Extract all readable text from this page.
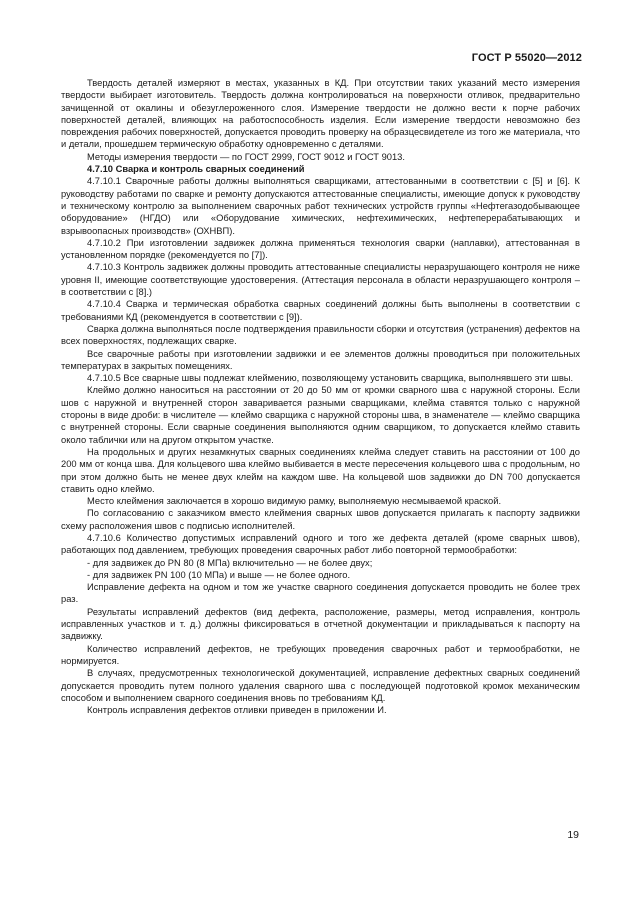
ГОСТ Р 55020—2012

Твердость деталей измеряют в местах, указанных в КД. При отсутствии таких указаний место измерения твердости выбирает изготовитель. Твердость должна контролироваться на поверхности отливок, предварительно зачищенной от окалины и обезуглероженного слоя. Измерение твердости не должно вести к порче рабочих поверхностей деталей, влияющих на работоспособность изделия. Если измерение твердости невозможно без повреждения рабочих поверхностей, допускается проводить проверку на образцесвидетеле из того же материала, что и детали, прошедшем термическую обработку одновременно с деталями.

Методы измерения твердости — по ГОСТ 2999, ГОСТ 9012 и ГОСТ 9013.

4.7.10 Сварка и контроль сварных соединений

4.7.10.1 Сварочные работы должны выполняться сварщиками, аттестованными в соответствии с [5] и [6]. К руководству работами по сварке и ремонту допускаются аттестованные специалисты, имеющие допуск к руководству и техническому контролю за выполнением сварочных работ технических устройств группы «Нефтегазодобывающее оборудование» (НГДО) или «Оборудование химических, нефтехимических, нефтеперерабатывающих и взрывоопасных производств» (ОХНВП).

4.7.10.2 При изготовлении задвижек должна применяться технология сварки (наплавки), аттестованная в установленном порядке (рекомендуется по [7]).

4.7.10.3 Контроль задвижек должны проводить аттестованные специалисты неразрушающего контроля не ниже уровня II, имеющие соответствующие удостоверения. (Аттестация персонала в области неразрушающего контроля – в соответствии с [8].)

4.7.10.4 Сварка и термическая обработка сварных соединений должны быть выполнены в соответствии с требованиями КД (рекомендуется в соответствии с [9]).

Сварка должна выполняться после подтверждения правильности сборки и отсутствия (устранения) дефектов на всех поверхностях, подлежащих сварке.

Все сварочные работы при изготовлении задвижки и ее элементов должны проводиться при положительных температурах в закрытых помещениях.

4.7.10.5 Все сварные швы подлежат клеймению, позволяющему установить сварщика, выполнявшего эти швы.

Клеймо должно наноситься на расстоянии от 20 до 50 мм от кромки сварного шва с наружной стороны. Если шов с наружной и внутренней сторон заваривается разными сварщиками, клейма ставятся только с наружной стороны в виде дроби: в числителе — клеймо сварщика с наружной стороны шва, в знаменателе — клеймо сварщика с внутренней стороны. Если сварные соединения выполняются одним сварщиком, то допускается клеймо ставить около таблички или на другом открытом участке.

На продольных и других незамкнутых сварных соединениях клейма следует ставить на расстоянии от 100 до 200 мм от конца шва. Для кольцевого шва клеймо выбивается в месте пересечения кольцевого шва с продольным, но при этом должно быть не менее двух клейм на каждом шве. На кольцевой шов задвижки до DN 700 допускается ставить одно клеймо.

Место клеймения заключается в хорошо видимую рамку, выполняемую несмываемой краской.

По согласованию с заказчиком вместо клеймения сварных швов допускается прилагать к паспорту задвижки схему расположения швов с подписью исполнителей.

4.7.10.6 Количество допустимых исправлений одного и того же дефекта деталей (кроме сварных швов), работающих под давлением, требующих проведения сварочных работ либо повторной термообработки:

- для задвижек до PN 80 (8 МПа) включительно — не более двух;

- для задвижек PN 100 (10 МПа) и выше — не более одного.

Исправление дефекта на одном и том же участке сварного соединения допускается проводить не более трех раз.

Результаты исправлений дефектов (вид дефекта, расположение, размеры, метод исправления, контроль исправленных участков и т. д.) должны фиксироваться в отчетной документации и прикладываться к паспорту на задвижку.

Количество исправлений дефектов, не требующих проведения сварочных работ и термообработки, не нормируется.

В случаях, предусмотренных технологической документацией, исправление дефектных сварных соединений допускается проводить путем полного удаления сварного шва с последующей подготовкой кромок механическим способом и выполнением сварного соединения вновь по требованиям КД.

Контроль исправления дефектов отливки приведен в приложении И.

19
